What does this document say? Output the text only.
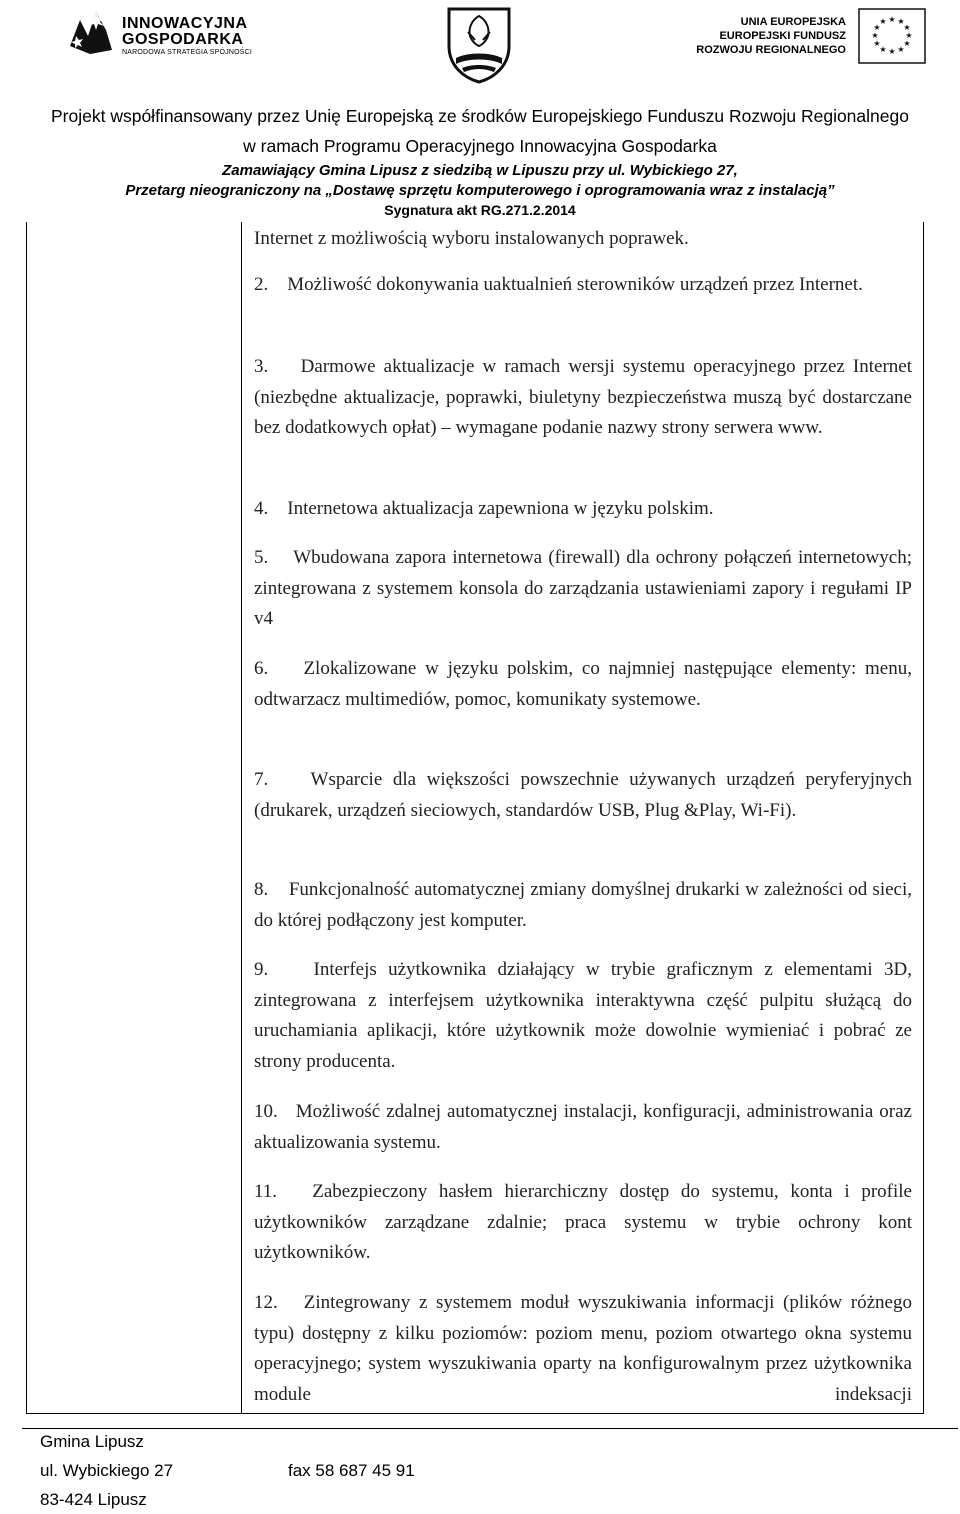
INNOWACYJNA
GOSPODARKA
NARODOWA STRATEGIA SPÓJNOŚCI
UNIA EUROPEJSKA
EUROPEJSKI FUNDUSZ
ROZWOJU REGIONALNEGO
★ ★
★
★
★
★
★
★
★
★
★
★
Projekt współfinansowany przez Unię Europejską ze środków Europejskiego Funduszu Rozwoju Regionalnego
w ramach Programu Operacyjnego Innowacyjna Gospodarka
Zamawiający Gmina Lipusz z siedzibą w Lipuszu przy ul. Wybickiego 27,
Przetarg nieograniczony na „Dostawę sprzętu komputerowego i oprogramowania wraz z instalacją”
Sygnatura akt RG.271.2.2014
Internet z możliwością wyboru instalowanych poprawek.
2.    Możliwość dokonywania uaktualnień sterowników urządzeń przez Internet.
3.    Darmowe aktualizacje w ramach wersji systemu operacyjnego przez Internet (niezbędne aktualizacje, poprawki, biuletyny bezpieczeństwa muszą być dostarczane bez dodatkowych opłat) – wymagane podanie nazwy strony serwera www.
4.    Internetowa aktualizacja zapewniona w języku polskim.
5.    Wbudowana zapora internetowa (firewall) dla ochrony połączeń internetowych; zintegrowana z systemem konsola do zarządzania ustawieniami zapory i regułami IP v4
6.    Zlokalizowane w języku polskim, co najmniej następujące elementy: menu, odtwarzacz multimediów, pomoc, komunikaty systemowe.
7.    Wsparcie dla większości powszechnie używanych urządzeń peryferyjnych (drukarek, urządzeń sieciowych, standardów USB, Plug &Play, Wi-Fi).
8.    Funkcjonalność automatycznej zmiany domyślnej drukarki w zależności od sieci, do której podłączony jest komputer.
9.    Interfejs użytkownika działający w trybie graficznym z elementami 3D, zintegrowana z interfejsem użytkownika interaktywna część pulpitu służącą do uruchamiania aplikacji, które użytkownik może dowolnie wymieniać i pobrać ze strony producenta.
10.   Możliwość zdalnej automatycznej instalacji, konfiguracji, administrowania oraz aktualizowania systemu.
11.   Zabezpieczony hasłem hierarchiczny dostęp do systemu, konta i profile użytkowników zarządzane zdalnie; praca systemu w trybie ochrony kont użytkowników.
12.   Zintegrowany z systemem moduł wyszukiwania informacji (plików różnego typu) dostępny z kilku poziomów: poziom menu, poziom otwartego okna systemu operacyjnego; system wyszukiwania oparty na konfigurowalnym przez użytkownika module indeksacji
Gmina Lipusz
ul. Wybickiego 27	fax 58 687 45 91
83-424 Lipusz
